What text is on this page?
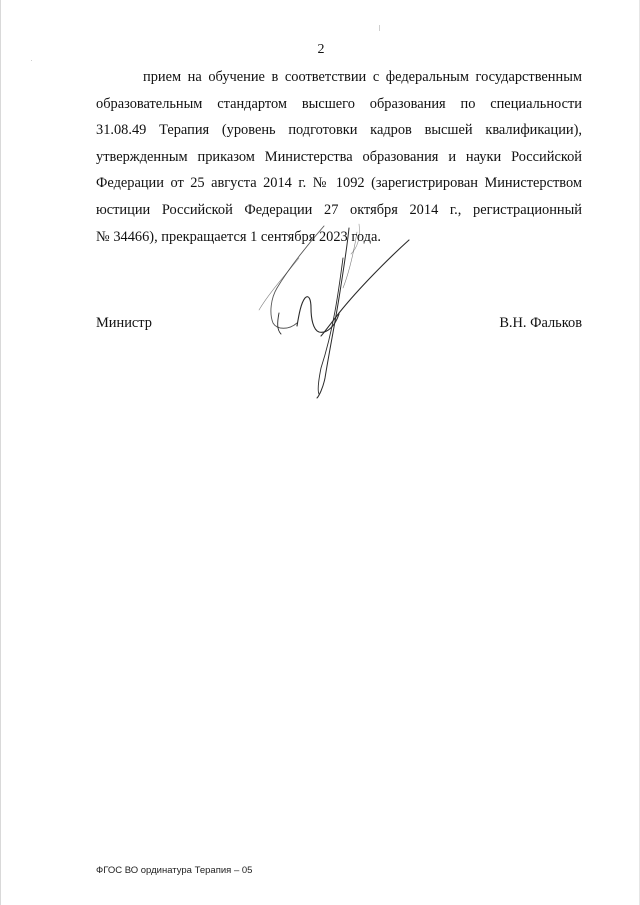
2
прием на обучение в соответствии с федеральным государственным
образовательным стандартом высшего образования по специальности
31.08.49 Терапия (уровень подготовки кадров высшей квалификации),
утвержденным приказом Министерства образования и науки Российской
Федерации от 25 августа 2014 г. № 1092 (зарегистрирован Министерством
юстиции Российской Федерации 27 октября 2014 г., регистрационный
№ 34466), прекращается 1 сентября 2023 года.
Министр	В.Н. Фальков
ФГОС ВО ординатура Терапия – 05
